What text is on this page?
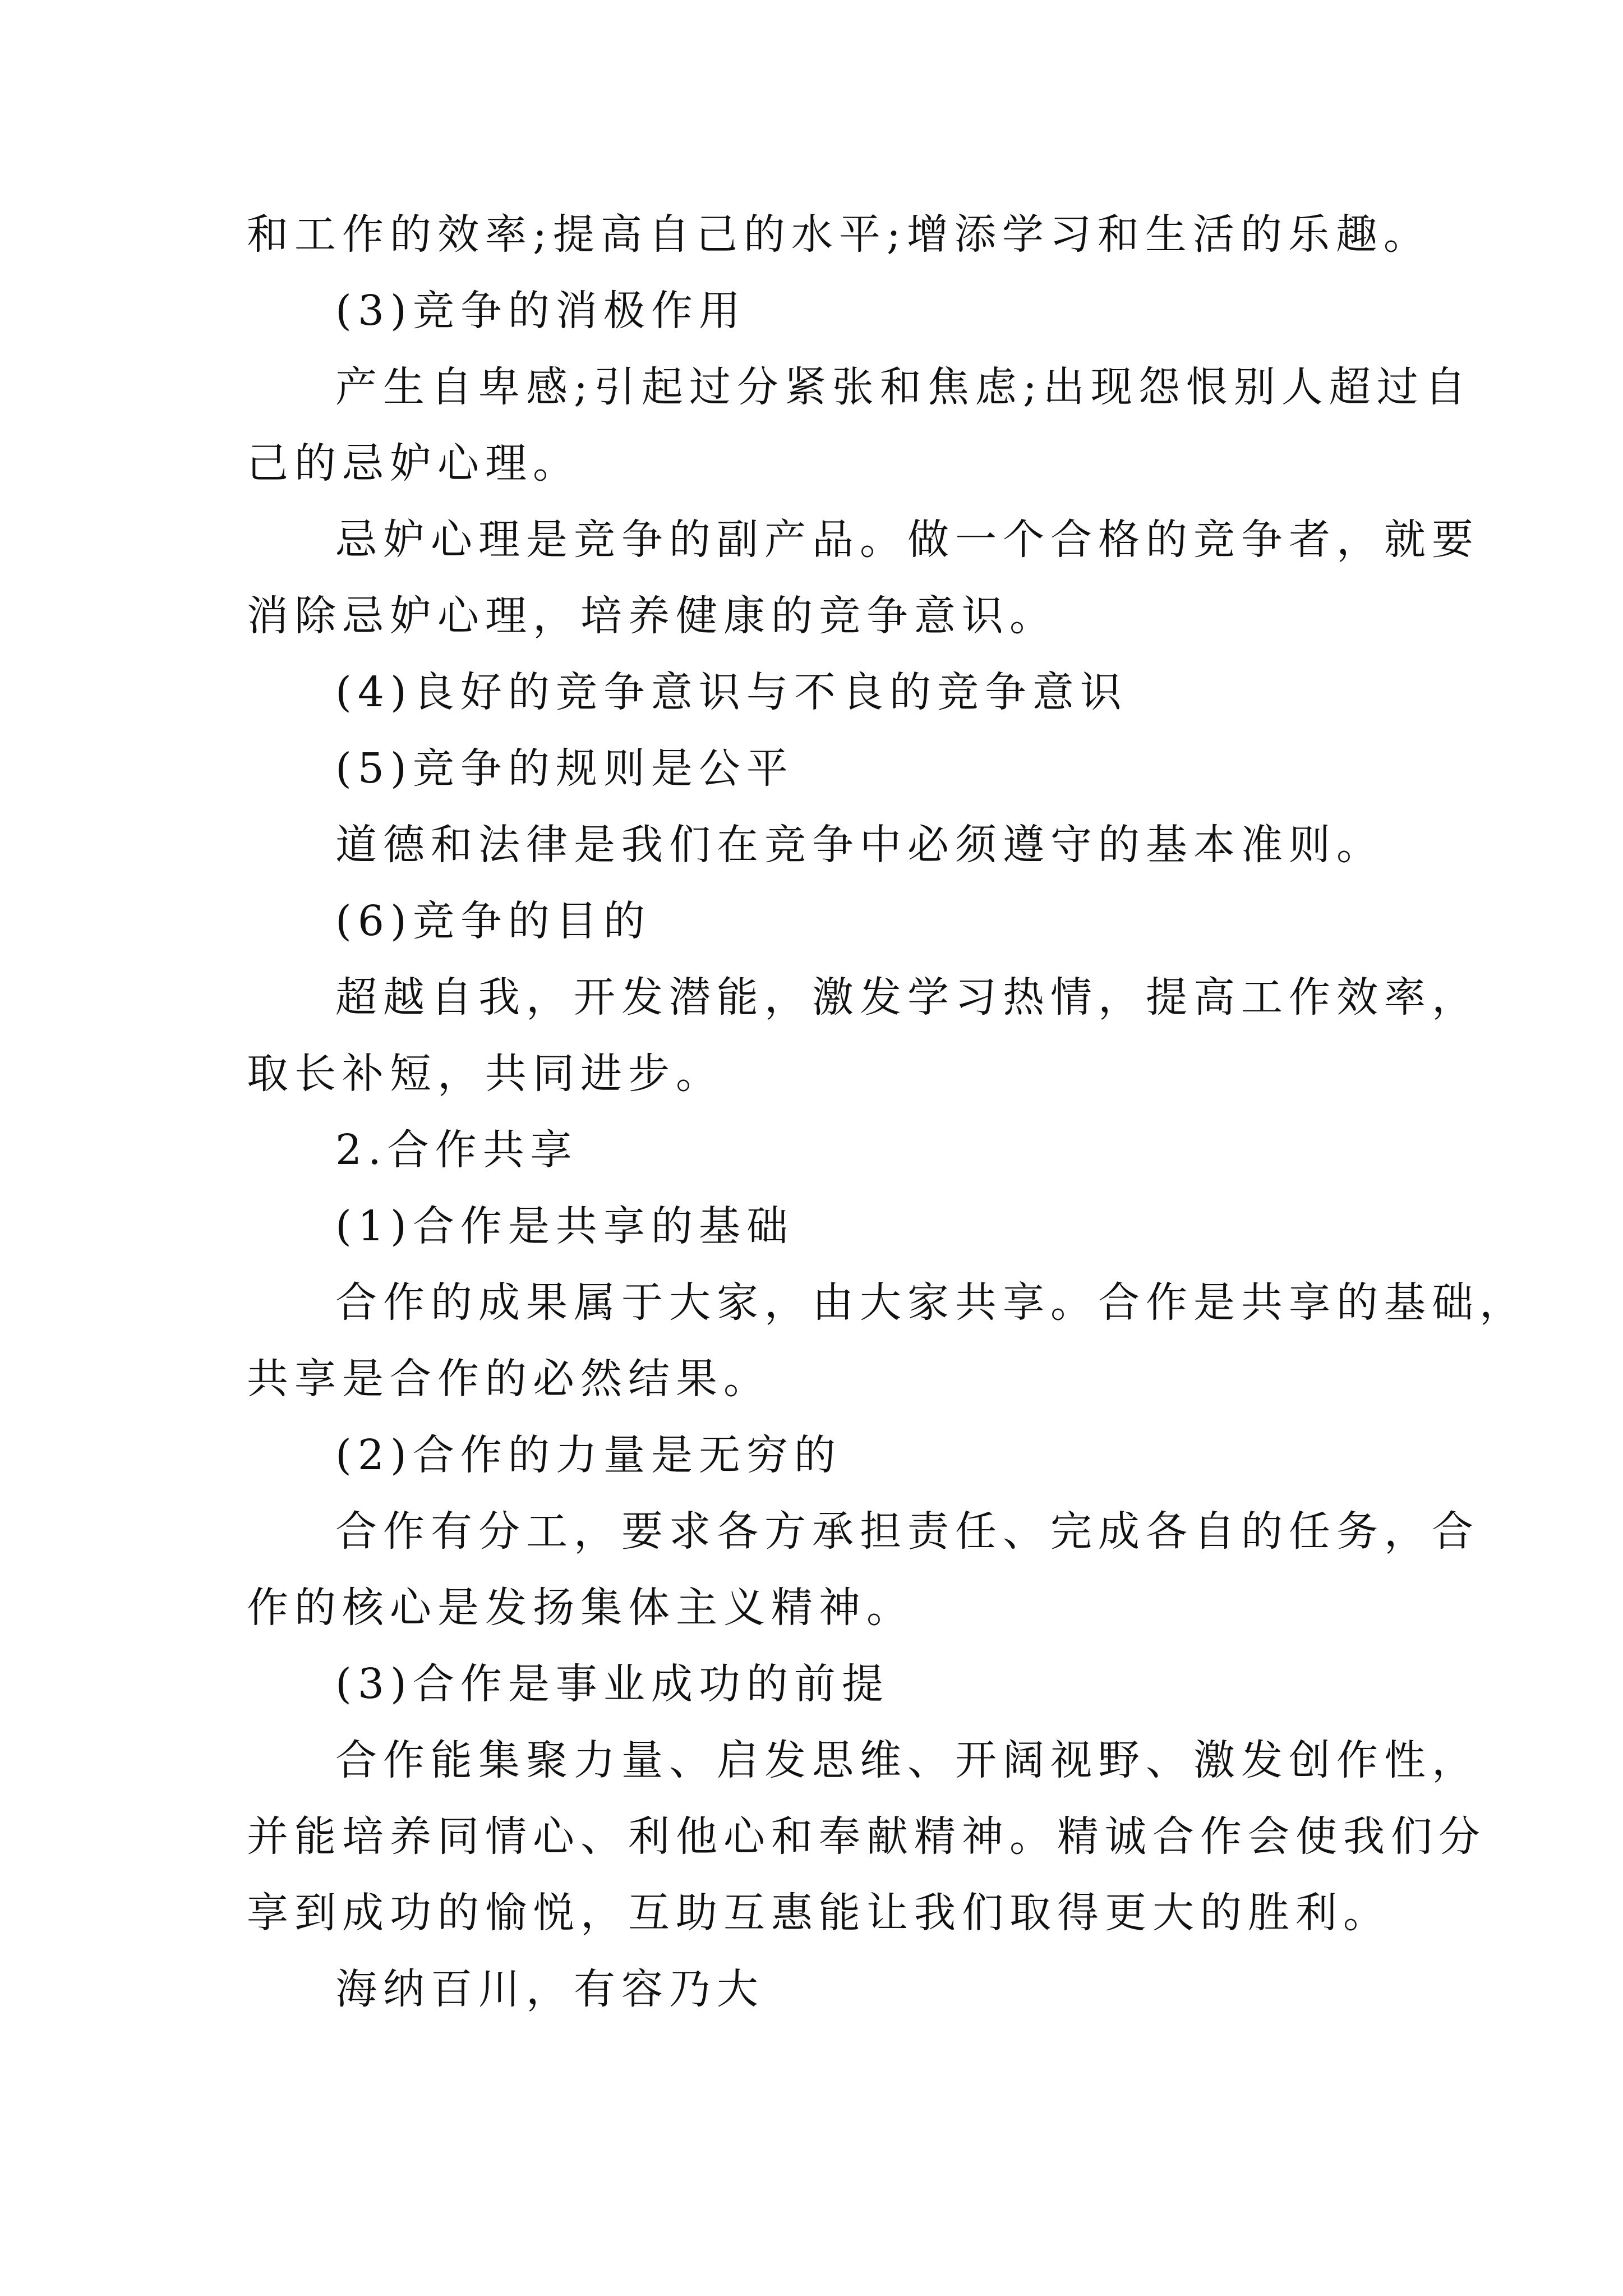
和工作的效率;提高自己的水平;增添学习和生活的乐趣。
(3)竞争的消极作用
产生自卑感;引起过分紧张和焦虑;出现怨恨别人超过自
己的忌妒心理。
忌妒心理是竞争的副产品。做一个合格的竞争者，就要
消除忌妒心理，培养健康的竞争意识。
(4)良好的竞争意识与不良的竞争意识
(5)竞争的规则是公平
道德和法律是我们在竞争中必须遵守的基本准则。
(6)竞争的目的
超越自我，开发潜能，激发学习热情，提高工作效率，
取长补短，共同进步。
2.合作共享
(1)合作是共享的基础
合作的成果属于大家，由大家共享。合作是共享的基础，
共享是合作的必然结果。
(2)合作的力量是无穷的
合作有分工，要求各方承担责任、完成各自的任务，合
作的核心是发扬集体主义精神。
(3)合作是事业成功的前提
合作能集聚力量、启发思维、开阔视野、激发创作性，
并能培养同情心、利他心和奉献精神。精诚合作会使我们分
享到成功的愉悦，互助互惠能让我们取得更大的胜利。
海纳百川，有容乃大
